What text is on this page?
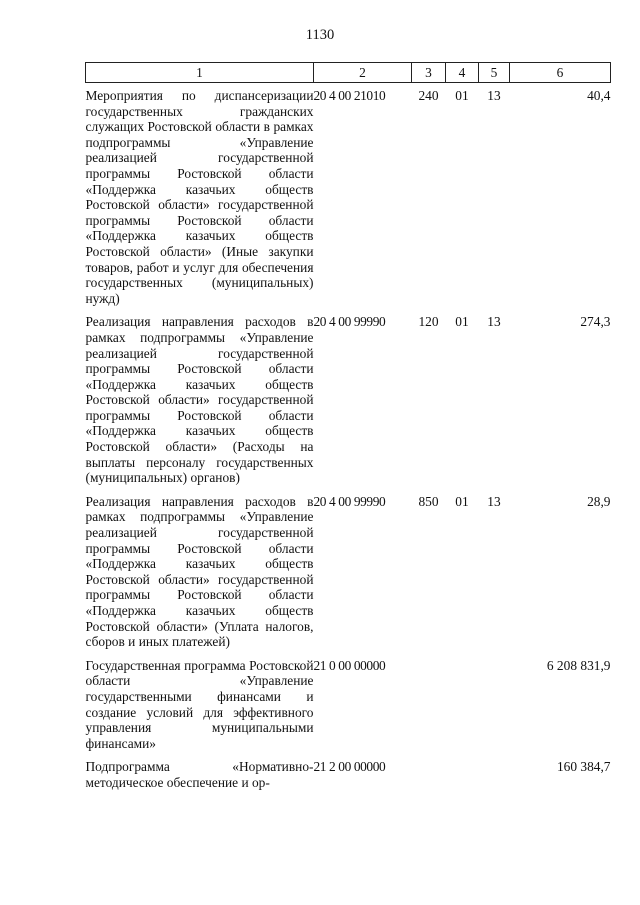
1130
1	2	3	4	5	6
Мероприятия по диспансеризации государственных гражданских служащих Ростовской области в рамках подпрограммы «Управление реализацией государственной программы Ростовской области «Поддержка казачьих обществ Ростовской области» государственной программы Ростовской области «Поддержка казачьих обществ Ростовской области» (Иные закупки товаров, работ и услуг для обеспечения государственных (муниципальных) нужд)	20 4 00 21010	240	01	13	40,4
Реализация направления расходов в рамках подпрограммы «Управление реализацией государственной программы Ростовской области «Поддержка казачьих обществ Ростовской области» государственной программы Ростовской области «Поддержка казачьих обществ Ростовской области» (Расходы на выплаты персоналу государственных (муниципальных) органов)	20 4 00 99990	120	01	13	274,3
Реализация направления расходов в рамках подпрограммы «Управление реализацией государственной программы Ростовской области «Поддержка казачьих обществ Ростовской области» государственной программы Ростовской области «Поддержка казачьих обществ Ростовской области» (Уплата налогов, сборов и иных платежей)	20 4 00 99990	850	01	13	28,9
Государственная программа Ростовской области «Управление государственными финансами и создание условий для эффективного управления муниципальными финансами»	21 0 00 00000				6 208 831,9
Подпрограмма «Нормативно-методическое обеспечение и ор-	21 2 00 00000				160 384,7
